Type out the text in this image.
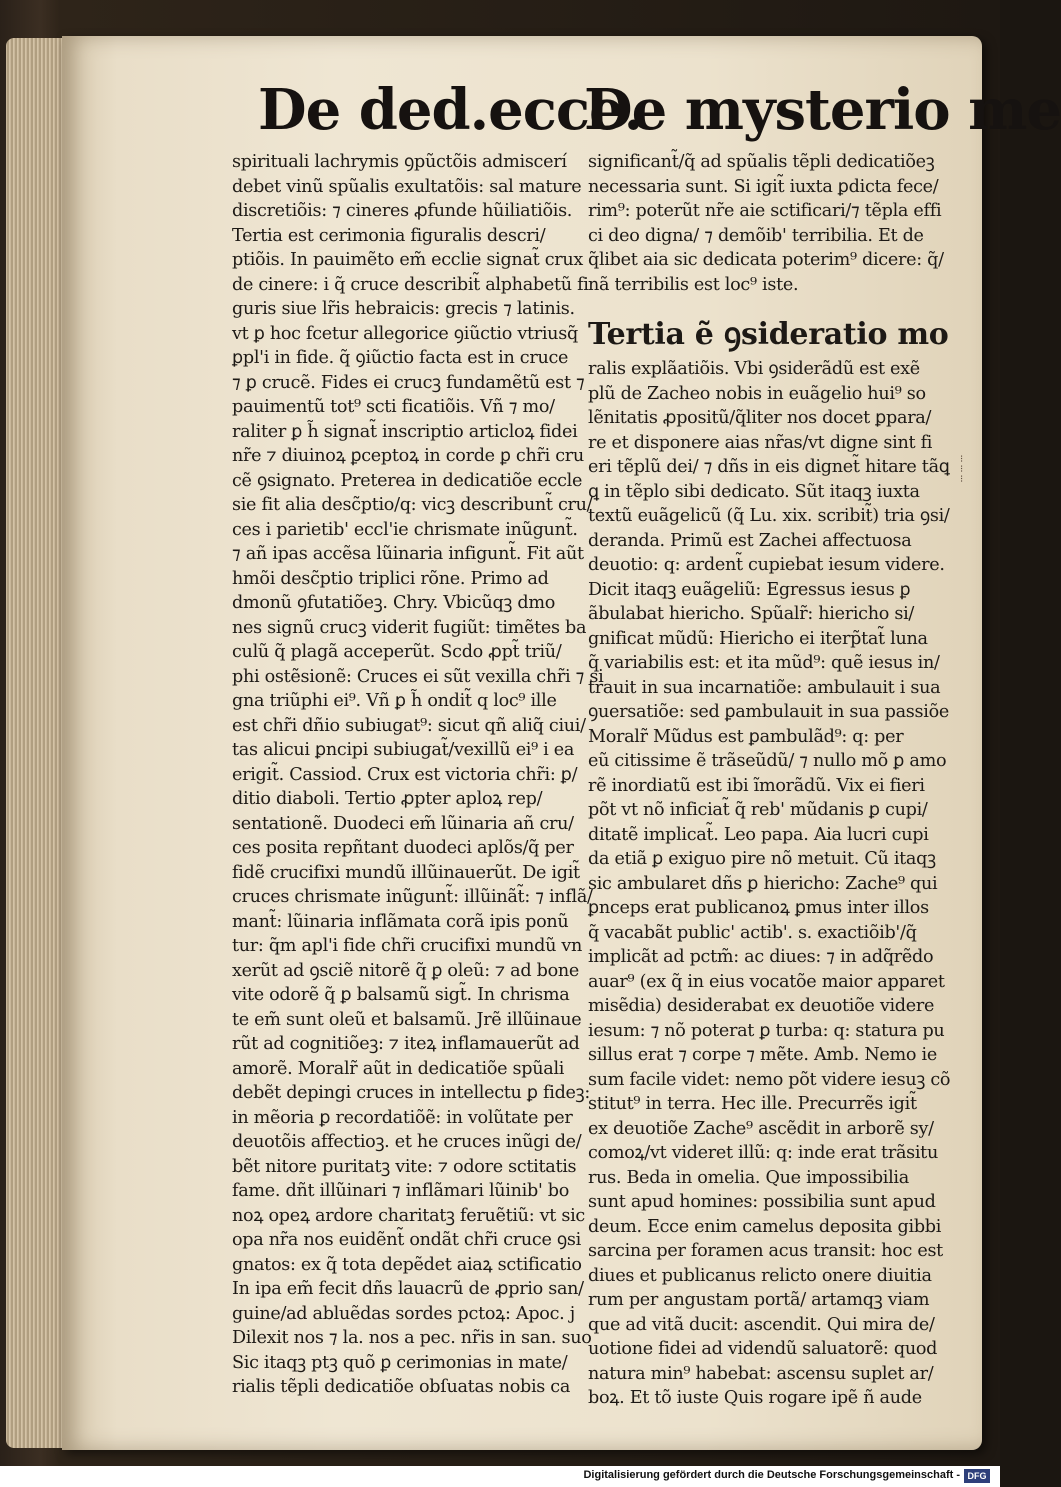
⁝
⁝
⁝
De ded.ecce.
De mysterio me
spirituali lachrymis ꝯpũctõis admiscerí
debet vinũ spũalis exultatõis: sal mature
discretiõis: ⁊ cineres ꝓfunde hũiliatiõis.
Tertia est cerimonia figuralis descri/
ptiõis. In pauimẽto em̃ ecclie signat̃ crux
de cinere: i q̃ cruce describit̃ alphabetũ fi
guris siue lr̃is hebraicis: grecis ⁊ latinis.
vt ꝑ hoc fcetur allegorice ꝯiũctio vtriusq̃
ꝑpl'i in fide. q̃ ꝯiũctio facta est in cruce
⁊ ꝑ crucẽ. Fides ei crucꝫ fundamẽtũ est ⁊
pauimentũ tot⁹ scti ficatiõis. Vñ ⁊ mo/
raliter ꝑ h̃ signat̃ inscriptio articloꝝ fidei
nr̃e ⁊ diuinoꝝ ꝑceptoꝝ in corde ꝑ chr̃i cru
cẽ ꝯsignato. Preterea in dedicatiõe eccle
sie fit alia desc̃ptio/q: vicꝫ describunt̃ cru/
ces i parietib' eccl'ie chrismate inũgunt̃.
⁊ añ ipas accẽsa lũinaria infigunt̃. Fit aũt
hmõi desc̃ptio triplici rõne. Primo ad
dmonũ ꝯfutatiõeꝫ. Chry. Vbicũqꝫ dmo
nes signũ crucꝫ viderit fugiũt: timẽtes ba
culũ q̃ plagã acceperũt. Scdo ꝓpt̃ triũ/
phi ostẽsionẽ: Cruces ei sũt vexilla chr̃i ⁊ si
gna triũphi ei⁹. Vñ ꝑ h̃ ondit̃ q loc⁹ ille
est chr̃i dñio subiugat⁹: sicut qñ aliq̃ ciui/
tas alicui ꝑncipi subiugat̃/vexillũ ei⁹ i ea
erigit̃. Cassiod. Crux est victoria chr̃i: ꝑ/
ditio diaboli. Tertio ꝓpter aploꝝ rep/
sentationẽ. Duodeci em̃ lũinaria añ cru/
ces posita repñtant duodeci aplõs/q̃ per
fidẽ crucifixi mundũ illũinauerũt. De igit̃
cruces chrismate inũgunt̃: illũinãt̃: ⁊ inflã/
mant̃: lũinaria inflãmata corã ipis ponũ
tur: q̃m apl'i fide chr̃i crucifixi mundũ vn
xerũt ad ꝯsciẽ nitorẽ q̃ ꝑ oleũ: ⁊ ad bone
vite odorẽ q̃ ꝑ balsamũ sigt̃. In chrisma
te em̃ sunt oleũ et balsamũ. Jrẽ illũinaue
rũt ad cognitiõeꝫ: ⁊ iteꝝ inflamauerũt ad
amorẽ. Moralr̃ aũt in dedicatiõe spũali
debẽt depingi cruces in intellectu ꝑ fideꝫ:
in mẽoria ꝑ recordatiõẽ: in volũtate per
deuotõis affectioꝫ. et he cruces inũgi de/
bẽt nitore puritatꝫ vite: ⁊ odore sctitatis
fame. dñt illũinari ⁊ inflãmari lũinib' bo
noꝝ opeꝝ ardore charitatꝫ feruẽtiũ: vt sic
opa nr̃a nos euidẽnt̃ ondãt chr̃i cruce ꝯsi
gnatos: ex q̃ tota depẽdet aiaꝝ sctificatio
In ipa em̃ fecit dñs lauacrũ de ꝓprio san/
guine/ad abluẽdas sordes pctoꝝ: Apoc. j
Dilexit nos ⁊ la. nos a pec. nr̃is in san. suo
Sic itaqꝫ ptꝫ quõ ꝑ cerimonias in mate/
rialis tẽpli dedicatiõe obſuatas nobis ca
significant̃/q̃ ad spũalis tẽpli dedicatiõeꝫ
necessaria sunt. Si igit̃ iuxta ꝑdicta fece/
rim⁹: poterũt nr̃e aie sctificari/⁊ tẽpla effi
ci deo digna/ ⁊ demõib' terribilia. Et de
q̃libet aia sic dedicata poterim⁹ dicere: q̃/
nã terribilis est loc⁹ iste.
Tertia ẽ ꝯsideratio mo
ralis explãatiõis. Vbi ꝯsiderãdũ est exẽ
plũ de Zacheo nobis in euãgelio hui⁹ so
lẽnitatis ꝓpositũ/q̃liter nos docet ꝑpara/
re et disponere aias nr̃as/vt digne sint fi
eri tẽplũ dei/ ⁊ dñs in eis dignet̃ hitare tãꝗ
ꝗ in tẽplo sibi dedicato. Sũt itaqꝫ iuxta
textũ euãgelicũ (q̃ Lu. xix. scribit̃) tria ꝯsi/
deranda. Primũ est Zachei affectuosa
deuotio: q: ardent̃ cupiebat iesum videre.
Dicit itaqꝫ euãgeliũ: Egressus iesus ꝑ
ãbulabat hiericho. Spũalr̃: hiericho si/
gnificat mũdũ: Hiericho ei iterp̃tat̃ luna
q̃ variabilis est: et ita mũd⁹: quẽ iesus in/
trauit in sua incarnatiõe: ambulauit i sua
ꝯuersatiõe: sed ꝑambulauit in sua passiõe
Moralr̃ Mũdus est ꝑambulãd⁹: q: per
eũ citissime ẽ trãseũdũ/ ⁊ nullo mõ ꝑ amo
rẽ inordiatũ est ibi ĩmorãdũ. Vix ei fieri
põt vt nõ inficiat̃ q̃ reb' mũdanis ꝑ cupi/
ditatẽ implicat̃. Leo papa. Aia lucri cupi
da etiã ꝑ exiguo pire nõ metuit. Cũ itaqꝫ
sic ambularet dñs ꝑ hiericho: Zache⁹ qui
ꝑnceps erat publicanoꝝ ꝑmus inter illos
q̃ vacabãt public' actib'. s. exactiõib'/q̃
implicãt ad pctm̃: ac diues: ⁊ in adq̃rẽdo
auar⁹ (ex q̃ in eius vocatõe maior apparet
misẽdia) desiderabat ex deuotiõe videre
iesum: ⁊ nõ poterat ꝑ turba: q: statura pu
sillus erat ⁊ corpe ⁊ mẽte. Amb. Nemo ie
sum facile videt: nemo põt videre iesuꝫ cõ
stitut⁹ in terra. Hec ille. Precurrẽs igit̃
ex deuotiõe Zache⁹ ascẽdit in arborẽ sy/
comoꝝ/vt videret illũ: q: inde erat trãsitu
rus. Beda in omelia. Que impossibilia
sunt apud homines: possibilia sunt apud
deum. Ecce enim camelus deposita gibbi
sarcina per foramen acus transit: hoc est
diues et publicanus relicto onere diuitia
rum per angustam portã/ artamqꝫ viam
que ad vitã ducit: ascendit. Qui mira de/
uotione fidei ad videndũ saluatorẽ: quod
natura min⁹ habebat: ascensu suplet ar/
boꝝ. Et tõ iuste Quis rogare ipẽ ñ aude
Digitalisierung gefördert durch die Deutsche Forschungsgemeinschaft - DFG
